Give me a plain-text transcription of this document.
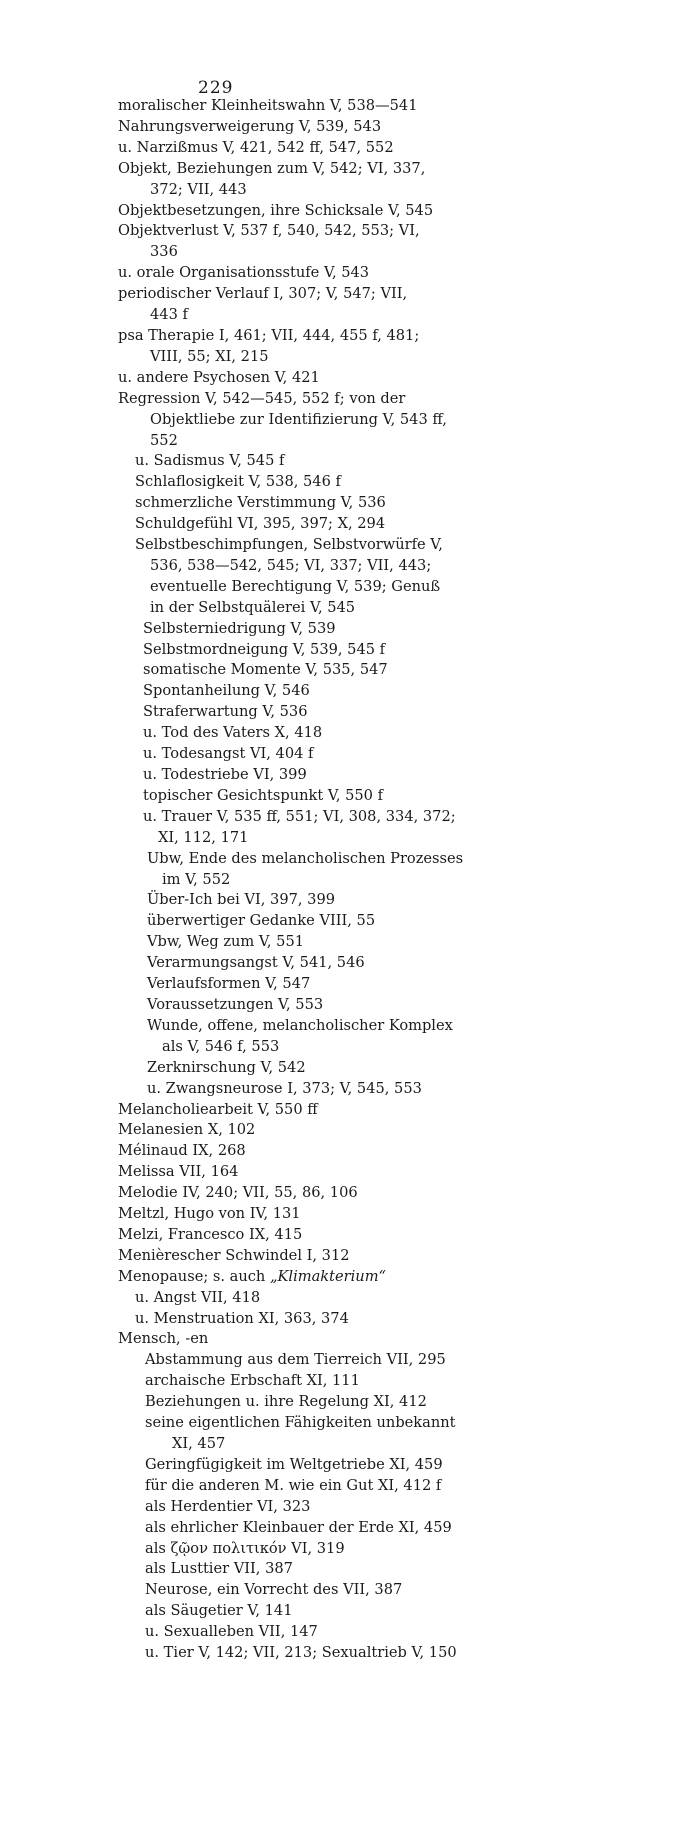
229
moralischer Kleinheitswahn V, 538—541
Nahrungsverweigerung V, 539, 543
u. Narzißmus V, 421, 542 ff, 547, 552
Objekt, Beziehungen zum V, 542; VI, 337,
372; VII, 443
Objektbesetzungen, ihre Schicksale V, 545
Objektverlust V, 537 f, 540, 542, 553; VI,
336
u. orale Organisationsstufe V, 543
periodischer Verlauf I, 307; V, 547; VII,
443 f
psa Therapie I, 461; VII, 444, 455 f, 481;
VIII, 55; XI, 215
u. andere Psychosen V, 421
Regression V, 542—545, 552 f; von der
Objektliebe zur Identifizierung V, 543 ff,
552
u. Sadismus V, 545 f
Schlaflosigkeit V, 538, 546 f
schmerzliche Verstimmung V, 536
Schuldgefühl VI, 395, 397; X, 294
Selbstbeschimpfungen, Selbstvorwürfe V,
536, 538—542, 545; VI, 337; VII, 443;
eventuelle Berechtigung V, 539; Genuß
in der Selbstquälerei V, 545
Selbsterniedrigung V, 539
Selbstmordneigung V, 539, 545 f
somatische Momente V, 535, 547
Spontanheilung V, 546
Straferwartung V, 536
u. Tod des Vaters X, 418
u. Todesangst VI, 404 f
u. Todestriebe VI, 399
topischer Gesichtspunkt V, 550 f
u. Trauer V, 535 ff, 551; VI, 308, 334, 372;
XI, 112, 171
Ubw, Ende des melancholischen Prozesses
im V, 552
Über-Ich bei VI, 397, 399
überwertiger Gedanke VIII, 55
Vbw, Weg zum V, 551
Verarmungsangst V, 541, 546
Verlaufsformen V, 547
Voraussetzungen V, 553
Wunde, offene, melancholischer Komplex
als V, 546 f, 553
Zerknirschung V, 542
u. Zwangsneurose I, 373; V, 545, 553
Melancholiearbeit V, 550 ff
Melanesien X, 102
Mélinaud IX, 268
Melissa VII, 164
Melodie IV, 240; VII, 55, 86, 106
Meltzl, Hugo von IV, 131
Melzi, Francesco IX, 415
Menièrescher Schwindel I, 312
Menopause; s. auch „Klimakterium“
u. Angst VII, 418
u. Menstruation XI, 363, 374
Mensch, -en
Abstammung aus dem Tierreich VII, 295
archaische Erbschaft XI, 111
Beziehungen u. ihre Regelung XI, 412
seine eigentlichen Fähigkeiten unbekannt
XI, 457
Geringfügigkeit im Weltgetriebe XI, 459
für die anderen M. wie ein Gut XI, 412 f
als Herdentier VI, 323
als ehrlicher Kleinbauer der Erde XI, 459
als ζῷον πολιτικόν VI, 319
als Lusttier VII, 387
Neurose, ein Vorrecht des VII, 387
als Säugetier V, 141
u. Sexualleben VII, 147
u. Tier V, 142; VII, 213; Sexualtrieb V, 150
